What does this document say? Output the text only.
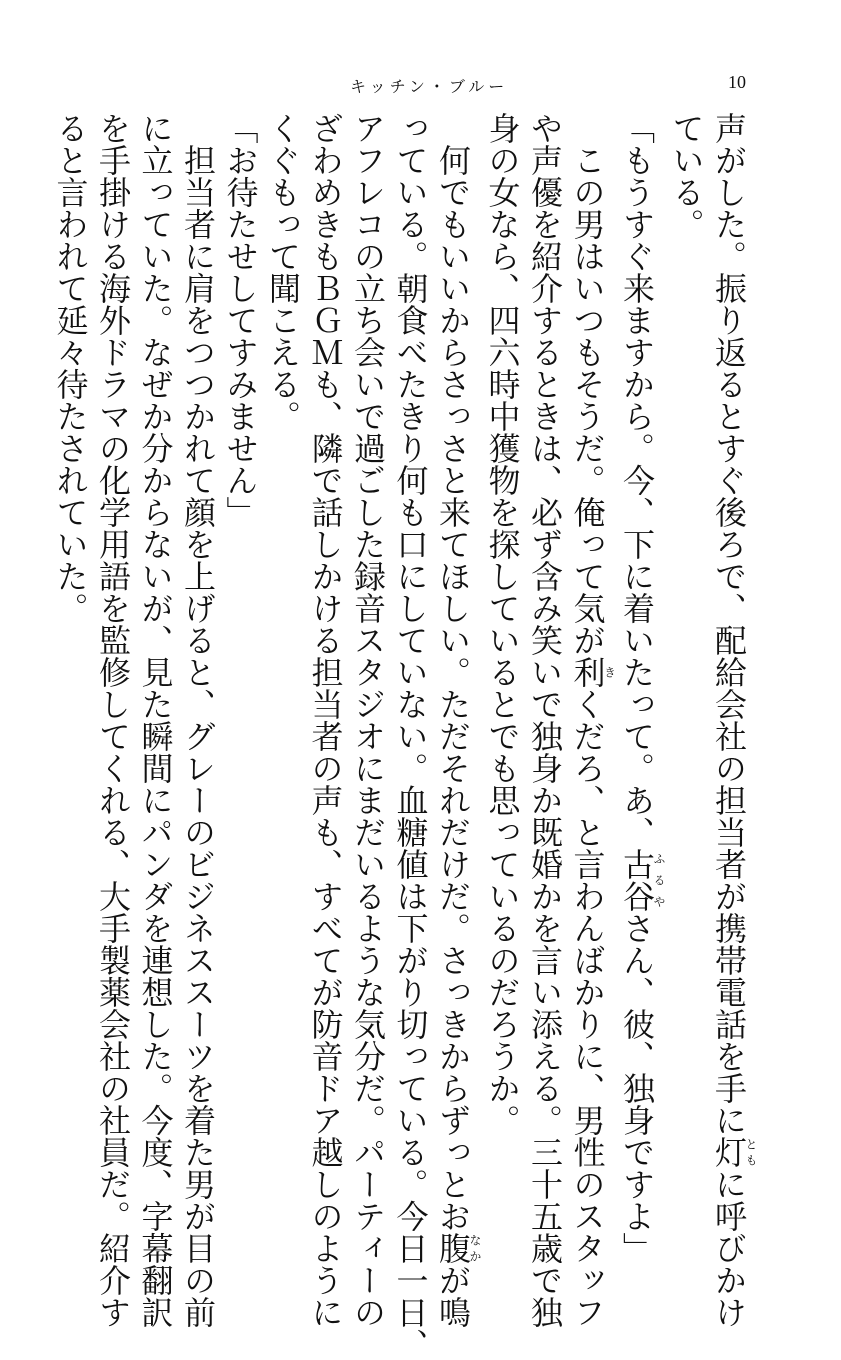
キッチン・ブルー	10
声がした。振り返るとすぐ後ろで、配給会社の担当者が携帯電話を手に灯ともに呼びかけ
ている。
「もうすぐ来ますから。今、下に着いたって。あ、古谷ふるやさん、彼、独身ですよ」
　この男はいつもそうだ。俺って気が利きくだろ、と言わんばかりに、男性のスタッフ
や声優を紹介するときは、必ず含み笑いで独身か既婚かを言い添える。三十五歳で独
身の女なら、四六時中獲物を探しているとでも思っているのだろうか。
　何でもいいからさっさと来てほしい。ただそれだけだ。さっきからずっとお腹なかが鳴
っている。朝食べたきり何も口にしていない。血糖値は下がり切っている。今日一日、
アフレコの立ち会いで過ごした録音スタジオにまだいるような気分だ。パーティーの
ざわめきもＢＧＭも、隣で話しかける担当者の声も、すべてが防音ドア越しのように
くぐもって聞こえる。
「お待たせしてすみません」
　担当者に肩をつつかれて顔を上げると、グレーのビジネススーツを着た男が目の前
に立っていた。なぜか分からないが、見た瞬間にパンダを連想した。今度、字幕翻訳
を手掛ける海外ドラマの化学用語を監修してくれる、大手製薬会社の社員だ。紹介す
ると言われて延々待たされていた。
